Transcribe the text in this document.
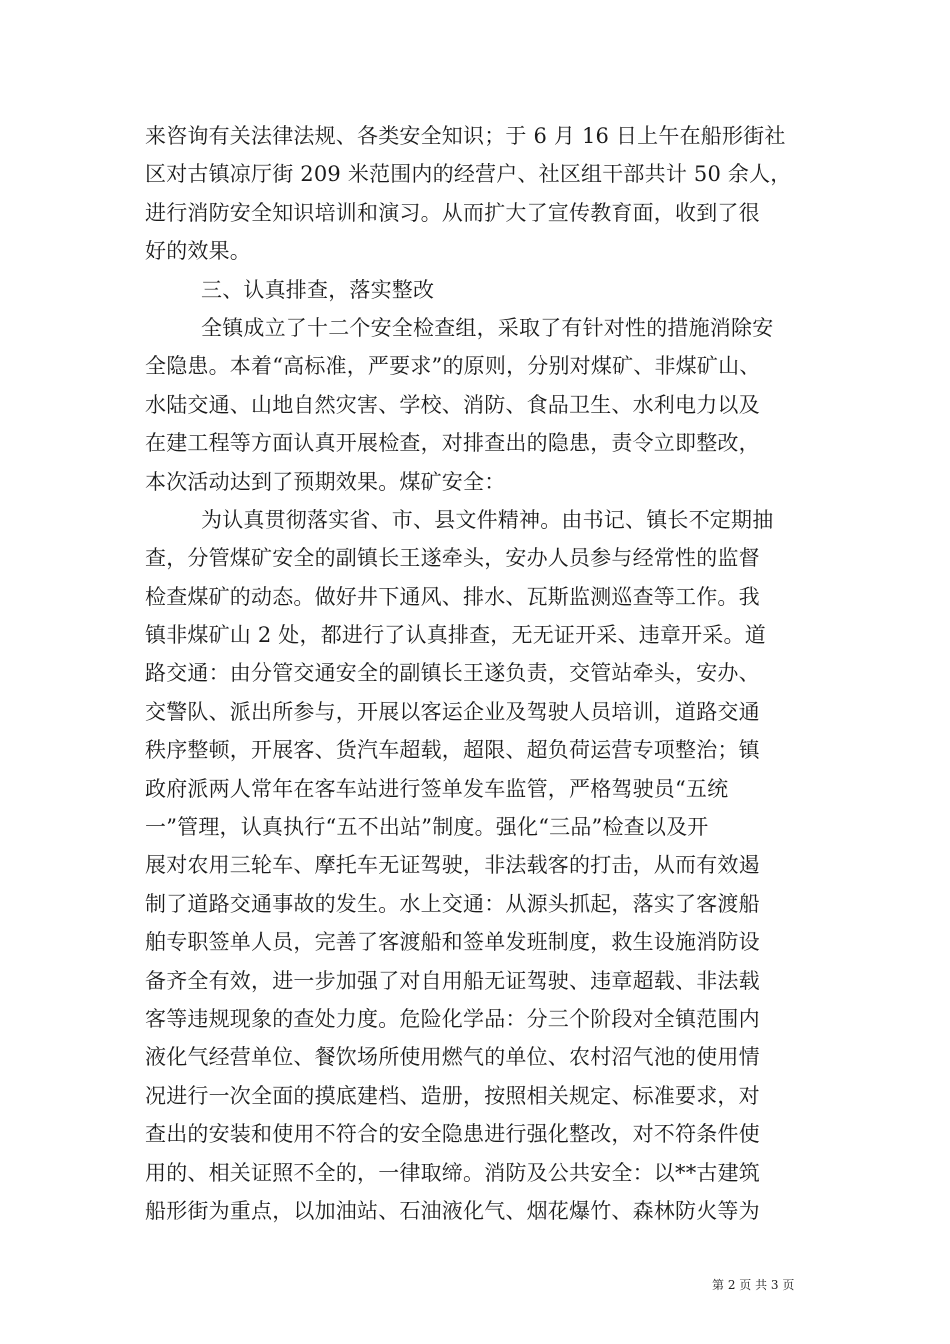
来咨询有关法律法规、各类安全知识；于 6 月 16 日上午在船形街社
区对古镇凉厅街 209 米范围内的经营户、社区组干部共计 50 余人，
进行消防安全知识培训和演习。从而扩大了宣传教育面，收到了很
好的效果。
三、认真排查，落实整改
全镇成立了十二个安全检查组，采取了有针对性的措施消除安
全隐患。本着“高标准，严要求”的原则，分别对煤矿、非煤矿山、
水陆交通、山地自然灾害、学校、消防、食品卫生、水利电力以及
在建工程等方面认真开展检查，对排查出的隐患，责令立即整改，
本次活动达到了预期效果。煤矿安全：
为认真贯彻落实省、市、县文件精神。由书记、镇长不定期抽
查，分管煤矿安全的副镇长王遂牵头，安办人员参与经常性的监督
检查煤矿的动态。做好井下通风、排水、瓦斯监测巡查等工作。我
镇非煤矿山 2 处，都进行了认真排查，无无证开采、违章开采。道
路交通：由分管交通安全的副镇长王遂负责，交管站牵头，安办、
交警队、派出所参与，开展以客运企业及驾驶人员培训，道路交通
秩序整顿，开展客、货汽车超载，超限、超负荷运营专项整治；镇
政府派两人常年在客车站进行签单发车监管，严格驾驶员“五统
一”管理，认真执行“五不出站”制度。强化“三品”检查以及开
展对农用三轮车、摩托车无证驾驶，非法载客的打击，从而有效遏
制了道路交通事故的发生。水上交通：从源头抓起，落实了客渡船
舶专职签单人员，完善了客渡船和签单发班制度，救生设施消防设
备齐全有效，进一步加强了对自用船无证驾驶、违章超载、非法载
客等违规现象的查处力度。危险化学品：分三个阶段对全镇范围内
液化气经营单位、餐饮场所使用燃气的单位、农村沼气池的使用情
况进行一次全面的摸底建档、造册，按照相关规定、标准要求，对
查出的安装和使用不符合的安全隐患进行强化整改，对不符条件使
用的、相关证照不全的，一律取缔。消防及公共安全：以**古建筑
船形街为重点，以加油站、石油液化气、烟花爆竹、森林防火等为
第 2 页 共 3 页
